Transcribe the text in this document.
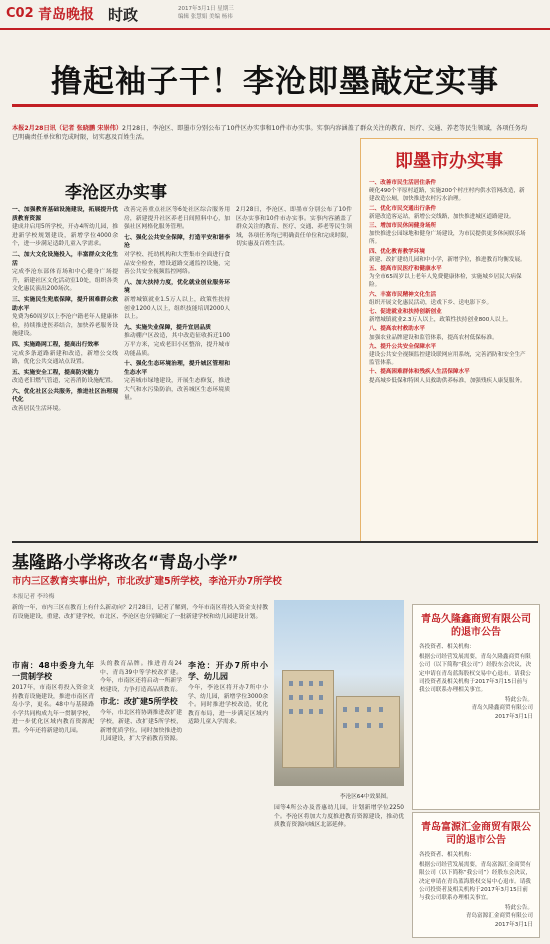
C02 青岛晚报 时政	2017年3月1日 星期三
编辑 张慧娟 美编 杨祎
撸起袖子干！李沧即墨敲定实事
本报2月28日讯（记者 张晓鹏 宋崇伟）2月28日，李沧区、即墨市分别公布了10件区办实事和10件市办实事。实事内容涵盖了群众关注的教育、医疗、交通、养老等民生领域，各项任务均已明确责任单位和完成时限，切实惠及百姓生活。
李沧区办实事

一、加强教育基础设施建设，拓展提升优质教育资源
建成并启用5所学校，开办4所幼儿园，推进新学校规划建设，新增学位4000余个，进一步满足适龄儿童入学需求。

二、加大文化设施投入，丰富群众文化生活
完成李沧东部体育场和中心健身广场提升，新建社区文化活动室10处，组织各类文化惠民演出200场次。

三、实施民生兜底保障，提升困难群众救助水平
免费为60周岁以上李沧户籍老年人健康体检，持续推进医养结合，加快养老服务设施建设。

四、实施路网工程，提高出行效率
完成多条道路新建和改造，新增公交线路，优化公共交通站点设置。

五、实施安全工程，提高防灾能力
改造老旧燃气管道，完善消防设施配置。

六、优化社区公共服务，推进社区治理现代化
改善居民生活环境。

改善完善重点社区等6处社区综合服务用房，新建提升社区养老日间照料中心，加强社区网格化服务管理。

七、强化公共安全保障，打造平安和谐李沧
对学校、托幼机构和大型集市全面进行食品安全检查，增设道路交通监控设施，完善公共安全视频监控网络。

八、加大扶持力度，优化就业创业服务环境
新增城镇就业1.5万人以上，政策性扶持创业1200人以上，组织技能培训2000人以上。

九、实施失业保障，提升宜居品质
推动棚户区改造，其中改造征收拆迁100万平方米，完成老旧小区整治，提升城市功能品质。

十、强化生态环境治理，提升城区管理和生态水平
完善城市绿地建设，开展生态修复，推进大气和水污染防治，改善城区生态环境质量。

2月28日，李沧区、即墨市分别公布了10件区办实事和10件市办实事。实事内容涵盖了群众关注的教育、医疗、交通、养老等民生领域，各项任务均已明确责任单位和完成时限，切实惠及百姓生活。

即墨市办实事

一、改善市民生活居住条件
硬化490个平原村道路，实施200个村庄村内供水管网改造，新建改造公厕，加快推进农村污水治理。

二、优化市民交通出行条件
新建改造客运站，新增公交线路，加快推进城区道路建设。

三、增加市民休闲健身场所
加快推进公园绿地和健身广场建设，为市民提供更多休闲娱乐场所。

四、优化教育教学环境
新建、改扩建幼儿园和中小学，新增学位，推进教育均衡发展。

五、提高市民医疗和健康水平
为全市65周岁以上老年人免费健康体检，实施城乡居民大病保险。

六、丰富市民精神文化生活
组织开展文化惠民活动，送戏下乡、送电影下乡。

七、促进就业和扶持创新创业
新增城镇就业2.3万人以上，政策性扶持创业800人以上。

八、提高农村救助水平
加强农业品牌建设和监管体系，提高农村低保标准。

九、提升公共安全保障水平
建设公共安全视频监控建设联网应用系统，完善消防和安全生产监管体系。

十、提高困难群体和残疾人生活保障水平
提高城乡低保和特困人员救助供养标准，加强残疾人康复服务。

基隆路小学将改名“青岛小学”
市内三区教育实事出炉，市北改扩建5所学校，李沧开办7所学校
本报记者 李玲梅

新的一年，市内三区在教育上有什么新动向？2月28日，记者了解到，今年市南区将投入资金支持教育设施建设，重建、改扩建学校，市北区、李沧区也分别确定了一批新建学校和幼儿园建设计划。

市南：48中委身九年一贯制学校

2017年，市南区将投入资金支持教育设施建设，推进市南区青岛小学，更名。48中与基隆路小学共同构成九年一贯制学校，进一步优化区域内教育资源配置。今年还将新建幼儿园。

头的教育品牌。推进青岛24中、青岛39中等学校改扩建。今年，市南区还将启动一所新学校建设，力争打造高品质教育。

市北：改扩建5所学校

今年，市北区将协调推进改扩建学校，新建、改扩建5所学校，新增优质学位。同时加快推进幼儿园建设，扩大学前教育资源。

李沧：开办7所中小学、幼儿园

今年，李沧区将开办7所中小学、幼儿园，新增学位3000余个。同时推进学校改造，优化教育布局，进一步满足区域内适龄儿童入学需求。

李沧区64中效果图。

园等4所公办及普惠幼儿园，计划新增学位2250个。李沧区将加大力度推进教育资源建设，推动优质教育资源向城区北部延伸。

青岛久隆鑫商贸有限公司的退市公告

各投资者、相关机构：

根据公司经营发展需要，青岛久隆鑫商贸有限公司（以下简称“我公司”）经股东会决议，决定申请在青岛蓝海股权交易中心退市。请我公司投资者及相关机构于2017年3月15日前与我公司联系办理相关事宜。

特此公告。
青岛久隆鑫商贸有限公司
2017年3月1日
青岛富源汇金商贸有限公司的退市公告

各投资者、相关机构：

根据公司经营发展需要，青岛富源汇金商贸有限公司（以下简称“我公司”）经股东会决议，决定申请在青岛蓝海股权交易中心退市。请我公司投资者及相关机构于2017年3月15日前与我公司联系办理相关事宜。

特此公告。
青岛富源汇金商贸有限公司
2017年3月1日
